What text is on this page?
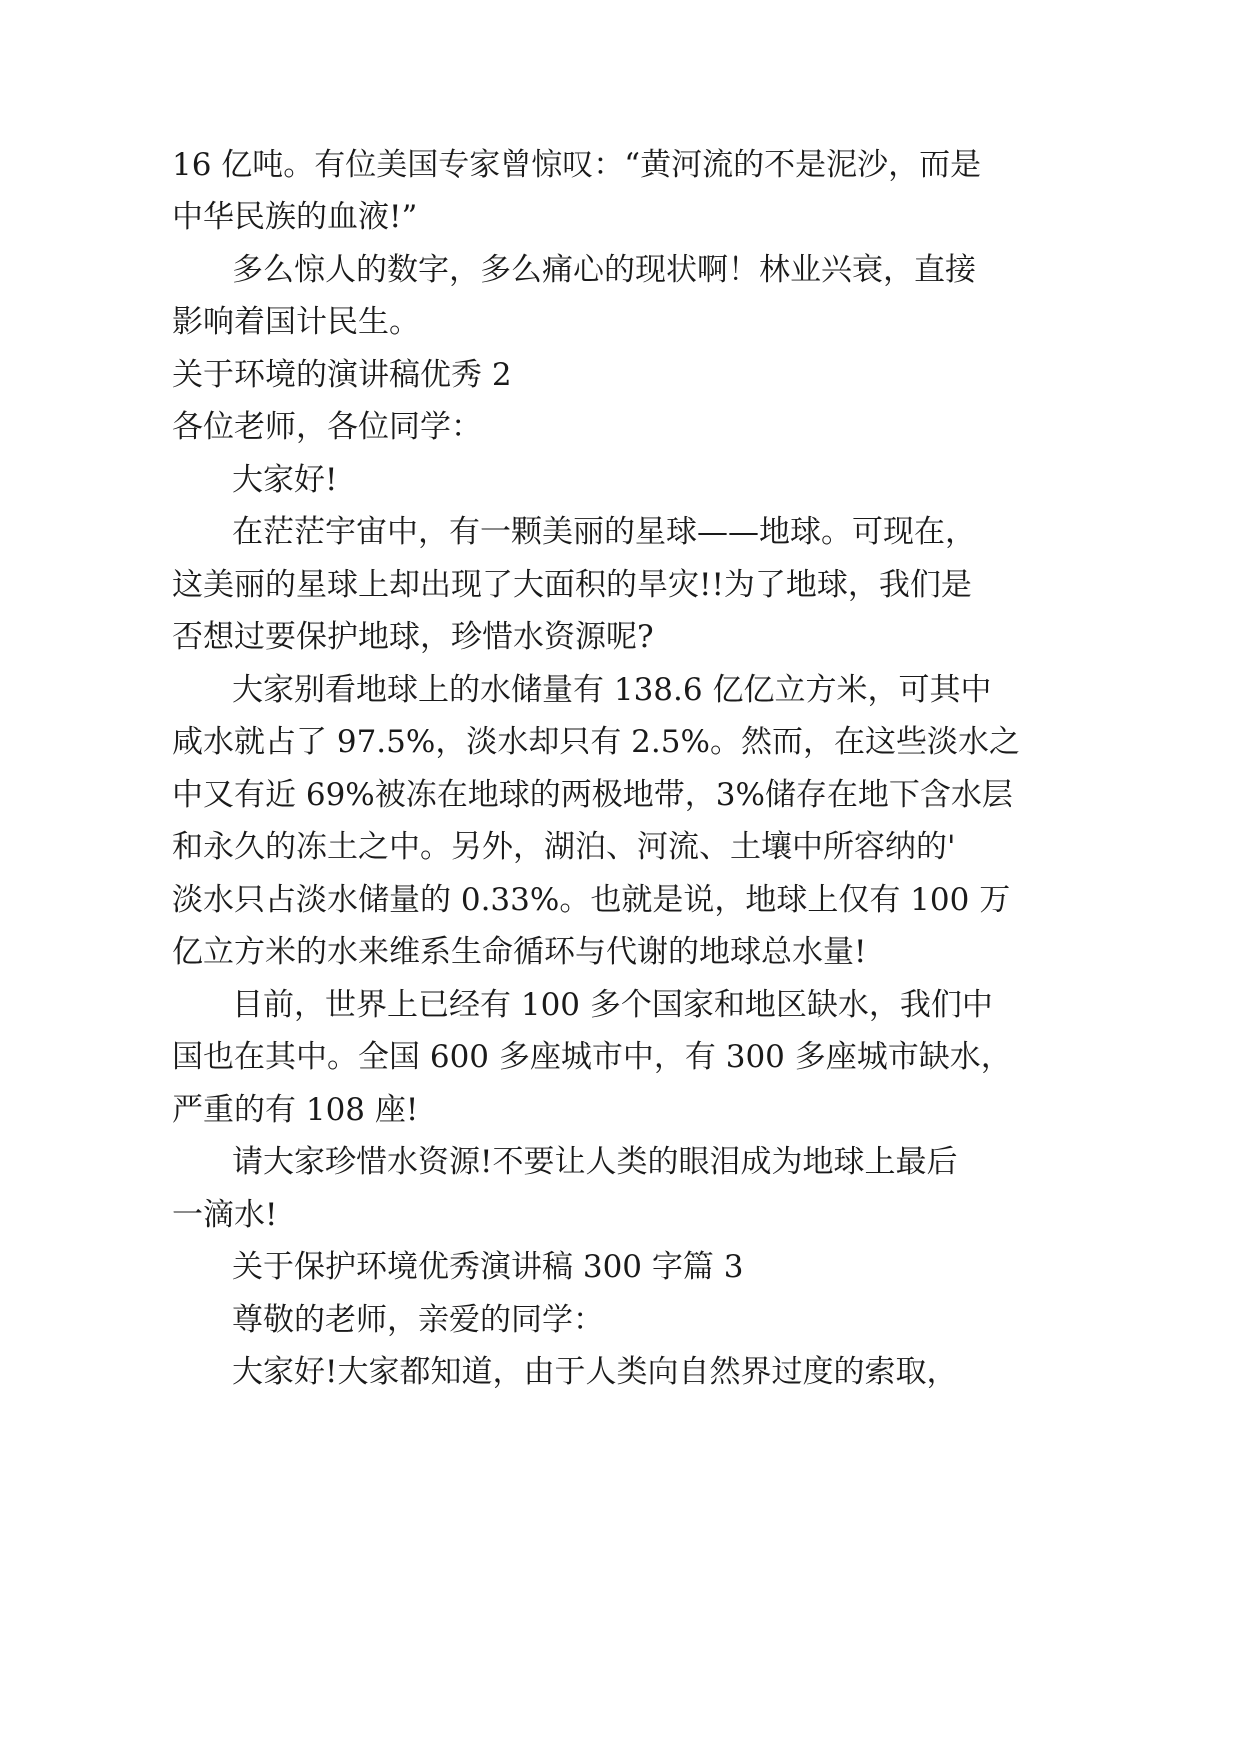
16 亿吨。有位美国专家曾惊叹：“黄河流的不是泥沙，而是
中华民族的血液!”
多么惊人的数字，多么痛心的现状啊！林业兴衰，直接
影响着国计民生。
关于环境的演讲稿优秀 2
各位老师，各位同学：
大家好!
在茫茫宇宙中，有一颗美丽的星球——地球。可现在，
这美丽的星球上却出现了大面积的旱灾!!为了地球，我们是
否想过要保护地球，珍惜水资源呢?
大家别看地球上的水储量有 138.6 亿亿立方米，可其中
咸水就占了 97.5%，淡水却只有 2.5%。然而，在这些淡水之
中又有近 69%被冻在地球的两极地带，3%储存在地下含水层
和永久的冻土之中。另外，湖泊、河流、土壤中所容纳的'
淡水只占淡水储量的 0.33%。也就是说，地球上仅有 100 万
亿立方米的水来维系生命循环与代谢的地球总水量!
目前，世界上已经有 100 多个国家和地区缺水，我们中
国也在其中。全国 600 多座城市中，有 300 多座城市缺水，
严重的有 108 座!
请大家珍惜水资源!不要让人类的眼泪成为地球上最后
一滴水!
关于保护环境优秀演讲稿 300 字篇 3
尊敬的老师，亲爱的同学：
大家好!大家都知道，由于人类向自然界过度的索取，
